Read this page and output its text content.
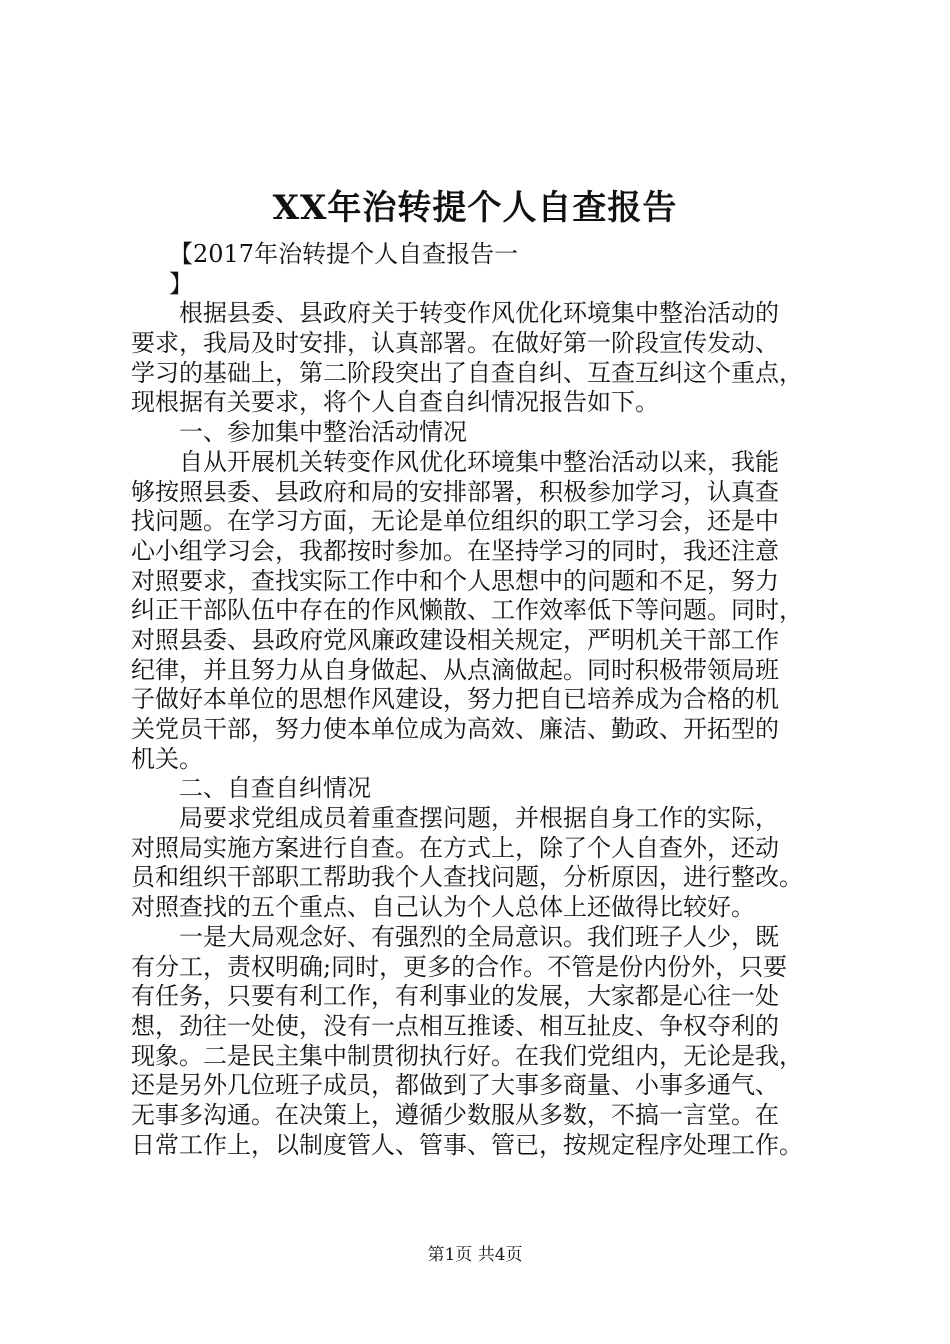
XX年治转提个人自查报告
【2017年治转提个人自查报告一
】
根据县委、县政府关于转变作风优化环境集中整治活动的
要求，我局及时安排，认真部署。在做好第一阶段宣传发动、
学习的基础上，第二阶段突出了自查自纠、互查互纠这个重点，
现根据有关要求，将个人自查自纠情况报告如下。
一、参加集中整治活动情况
自从开展机关转变作风优化环境集中整治活动以来，我能
够按照县委、县政府和局的安排部署，积极参加学习，认真查
找问题。在学习方面，无论是单位组织的职工学习会，还是中
心小组学习会，我都按时参加。在坚持学习的同时，我还注意
对照要求，查找实际工作中和个人思想中的问题和不足，努力
纠正干部队伍中存在的作风懒散、工作效率低下等问题。同时，
对照县委、县政府党风廉政建设相关规定，严明机关干部工作
纪律，并且努力从自身做起、从点滴做起。同时积极带领局班
子做好本单位的思想作风建设，努力把自已培养成为合格的机
关党员干部，努力使本单位成为高效、廉洁、勤政、开拓型的
机关。
二、自查自纠情况
局要求党组成员着重查摆问题，并根据自身工作的实际，
对照局实施方案进行自查。在方式上，除了个人自查外，还动
员和组织干部职工帮助我个人查找问题，分析原因，进行整改。
对照查找的五个重点、自己认为个人总体上还做得比较好。
一是大局观念好、有强烈的全局意识。我们班子人少，既
有分工，责权明确;同时，更多的合作。不管是份内份外，只要
有任务，只要有利工作，有利事业的发展，大家都是心往一处
想，劲往一处使，没有一点相互推诿、相互扯皮、争权夺利的
现象。二是民主集中制贯彻执行好。在我们党组内，无论是我，
还是另外几位班子成员，都做到了大事多商量、小事多通气、
无事多沟通。在决策上，遵循少数服从多数，不搞一言堂。在
日常工作上，以制度管人、管事、管已，按规定程序处理工作。
第1页 共4页
